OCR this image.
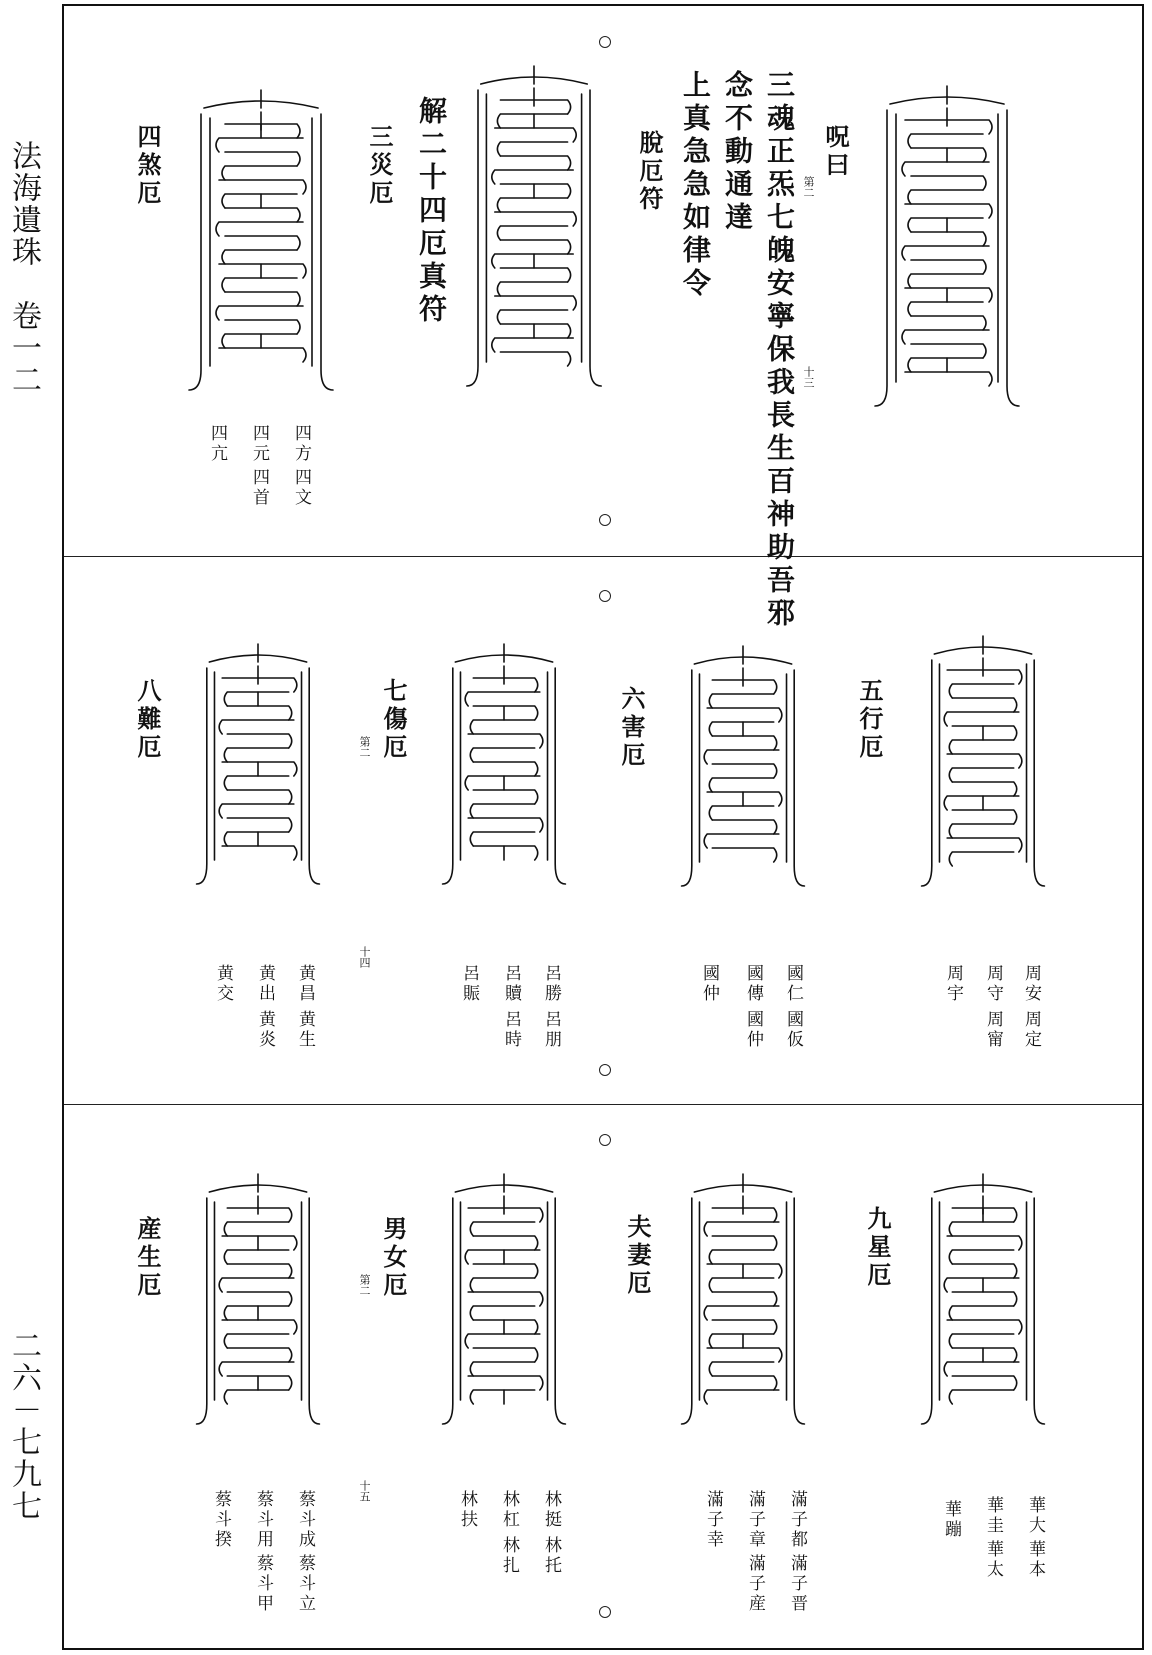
法海遺珠　卷一二
二六－七九七
呪曰
三魂正炁七魄安寧保我長生百神助吾邪
念不動通達
上真急急如律令
脫厄符	第二
十三
解二十四厄真符
三災厄
四煞厄
四方
四文
四元
四首
四亢
五行厄
六害厄
七傷厄
八難厄	第二
十四
周安
周定
周守
周甯
周宇
國仁
國仮
國傳
國仲
國仲
呂勝
呂朋
呂贖
呂時
呂賑
黄昌
黄生
黄出
黄炎
黄交
九星厄
夫妻厄
男女厄
産生厄	第二
十五
華大
華本
華圭
華太
華蹦
滿子都
滿子晋
滿子章
滿子産
滿子幸
林挺
林托
林杠
林扎
林扶
蔡斗成
蔡斗立
蔡斗用
蔡斗甲
蔡斗揆
